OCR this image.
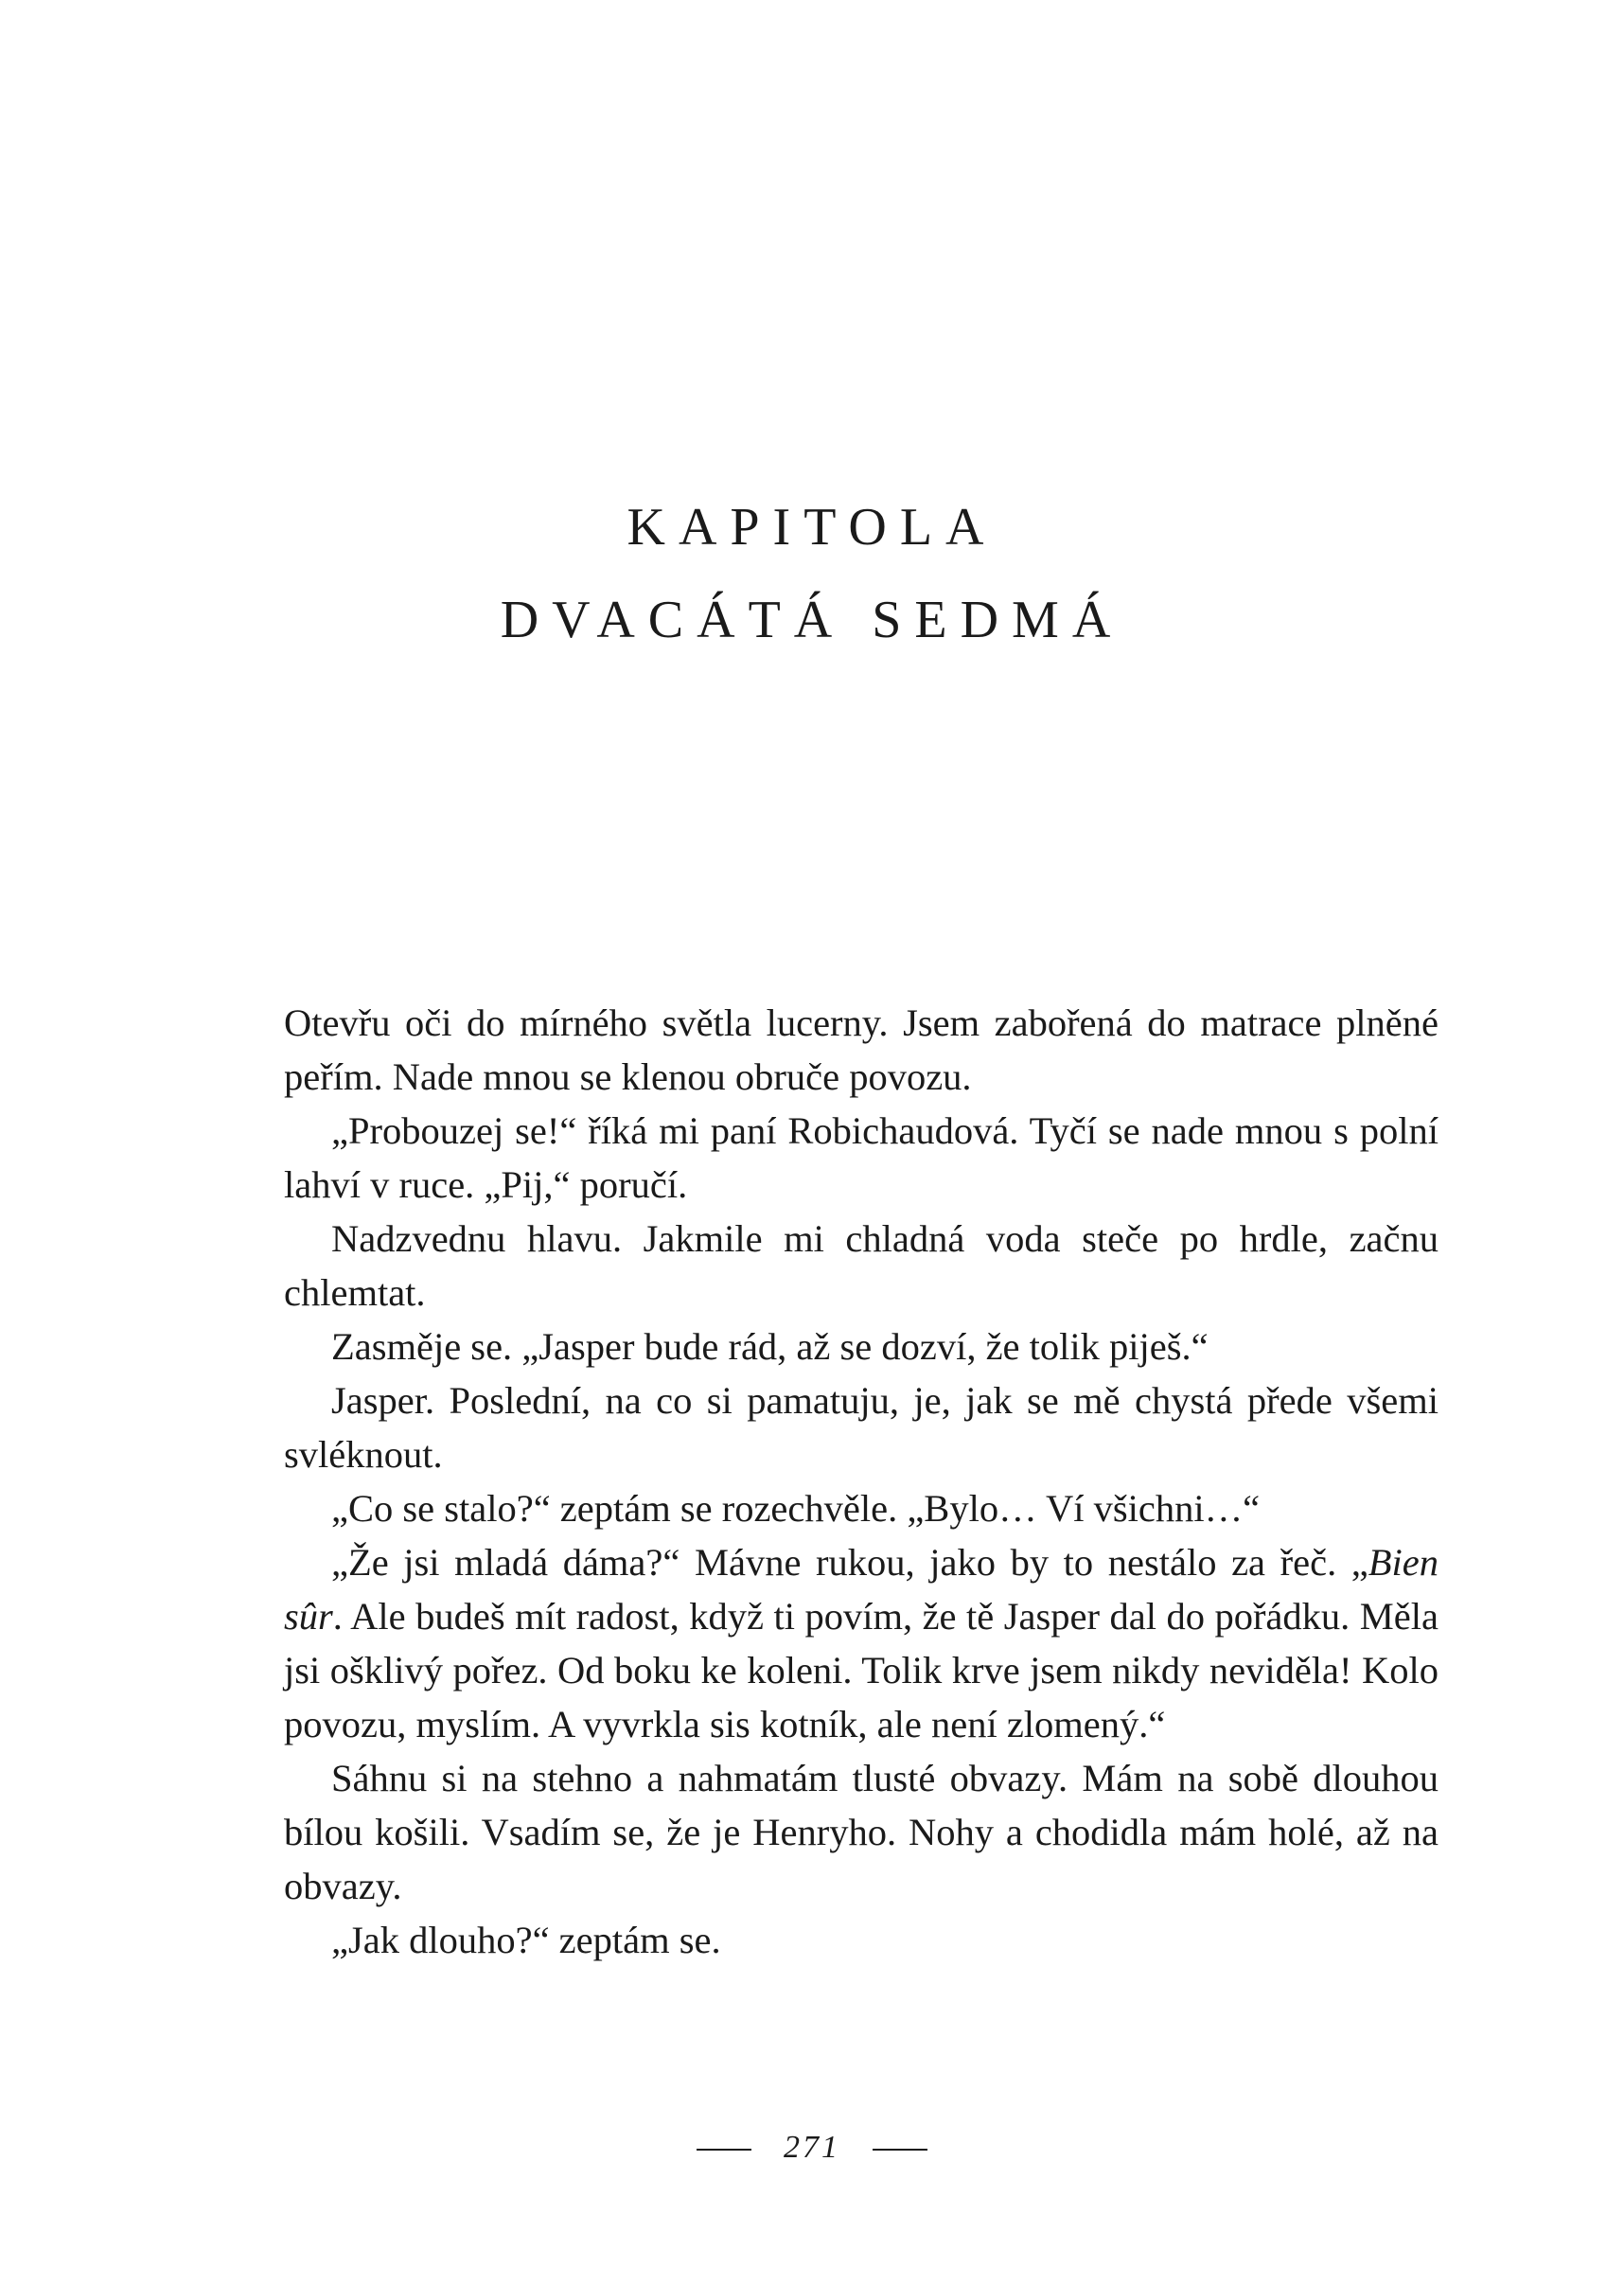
KAPITOLA
DVACÁTÁ SEDMÁ

Otevřu oči do mírného světla lucerny. Jsem zabořená do matrace plněné peřím. Nade mnou se klenou obruče povozu.

„Probouzej se!“ říká mi paní Robichaudová. Tyčí se nade mnou s polní lahví v ruce. „Pij,“ poručí.

Nadzvednu hlavu. Jakmile mi chladná voda steče po hrdle, začnu chlemtat.

Zasměje se. „Jasper bude rád, až se dozví, že tolik piješ.“

Jasper. Poslední, na co si pamatuju, je, jak se mě chystá přede všemi svléknout.

„Co se stalo?“ zeptám se rozechvěle. „Bylo… Ví všichni…“

„Že jsi mladá dáma?“ Mávne rukou, jako by to nestálo za řeč. „Bien sûr. Ale budeš mít radost, když ti povím, že tě Jasper dal do pořádku. Měla jsi ošklivý pořez. Od boku ke koleni. Tolik krve jsem nikdy neviděla! Kolo povozu, myslím. A vyvrkla sis kotník, ale není zlomený.“

Sáhnu si na stehno a nahmatám tlusté obvazy. Mám na sobě dlouhou bílou košili. Vsadím se, že je Henryho. Nohy a chodidla mám holé, až na obvazy.

„Jak dlouho?“ zeptám se.

271
